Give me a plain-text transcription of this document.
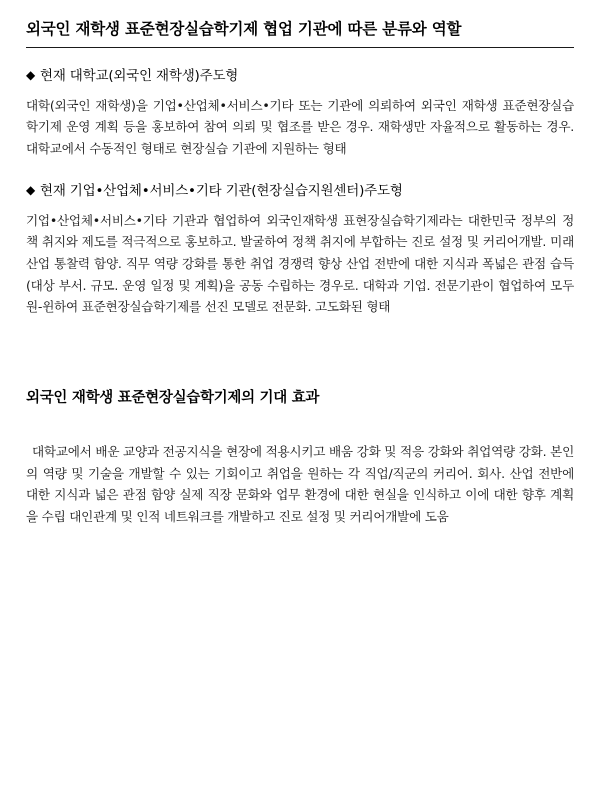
외국인 재학생 표준현장실습학기제 협업 기관에 따른 분류와 역할
◆ 현재 대학교(외국인 재학생)주도형

대학(외국인 재학생)을 기업•산업체•서비스•기타 또는 기관에 의뢰하여 외국인 재학생 표준현장실습학기제 운영 계획 등을 홍보하여 참여 의뢰 및 협조를 받은 경우. 재학생만 자율적으로 활동하는 경우. 대학교에서 수동적인 형태로 현장실습 기관에 지원하는 형태

◆ 현재 기업•산업체•서비스•기타 기관(현장실습지원센터)주도형

기업•산업체•서비스•기타 기관과 협업하여 외국인재학생 표현장실습학기제라는 대한민국 정부의 정책 취지와 제도를 적극적으로 홍보하고. 발굴하여 정책 취지에 부합하는 진로 설정 및 커리어개발. 미래산업 통찰력 함양. 직무 역량 강화를 통한 취업 경쟁력 향상 산업 전반에 대한 지식과 폭넓은 관점 습득(대상 부서. 규모. 운영 일정 및 계획)을 공동 수립하는 경우로. 대학과 기업. 전문기관이 협업하여 모두 원-윈하여 표준현장실습학기제를 선진 모델로 전문화. 고도화된 형태

외국인 재학생 표준현장실습학기제의 기대 효과

대학교에서 배운 교양과 전공지식을 현장에 적용시키고 배움 강화 및 적응 강화와 취업역량 강화. 본인의 역량 및 기술을 개발할 수 있는 기회이고 취업을 원하는 각 직업/직군의 커리어. 회사. 산업 전반에 대한 지식과 넓은 관점 함양 실제 직장 문화와 업무 환경에 대한 현실을 인식하고 이에 대한 향후 계획을 수립 대인관계 및 인적 네트워크를 개발하고 진로 설정 및 커리어개발에 도움
